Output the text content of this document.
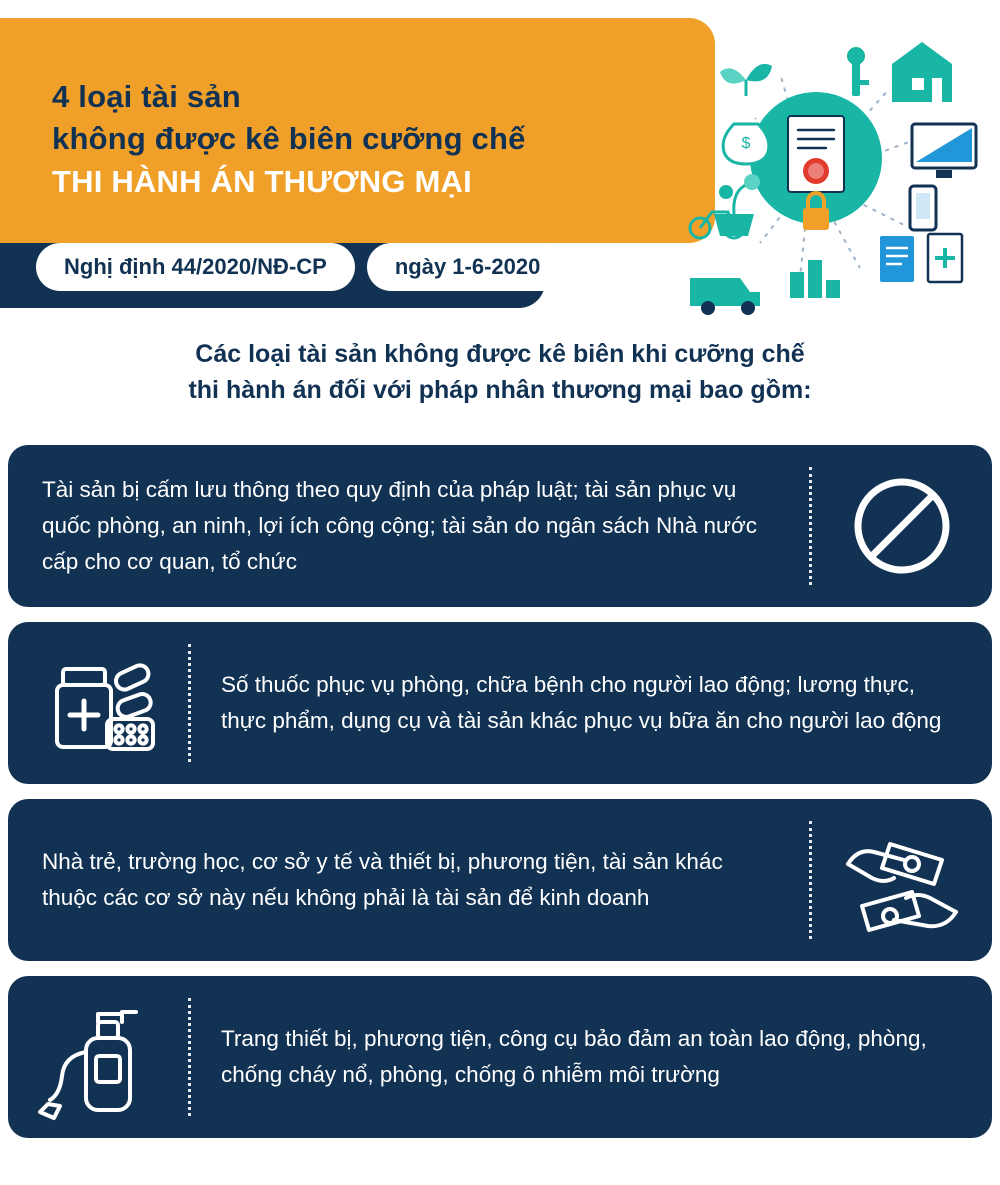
4 loại tài sản
không được kê biên cưỡng chế
THI HÀNH ÁN THƯƠNG MẠI
Nghị định 44/2020/NĐ-CP	ngày 1-6-2020
$
Các loại tài sản không được kê biên khi cưỡng chế
thi hành án đối với pháp nhân thương mại bao gồm:
Tài sản bị cấm lưu thông theo quy định của pháp luật; tài sản phục vụ quốc phòng, an ninh, lợi ích công cộng; tài sản do ngân sách Nhà nước cấp cho cơ quan, tổ chức
Số thuốc phục vụ phòng, chữa bệnh cho người lao động; lương thực, thực phẩm, dụng cụ và tài sản khác phục vụ bữa ăn cho người lao động
Nhà trẻ, trường học, cơ sở y tế và thiết bị, phương tiện, tài sản khác thuộc các cơ sở này nếu không phải là tài sản để kinh doanh
Trang thiết bị, phương tiện, công cụ bảo đảm an toàn lao động, phòng, chống cháy nổ, phòng, chống ô nhiễm môi trường
